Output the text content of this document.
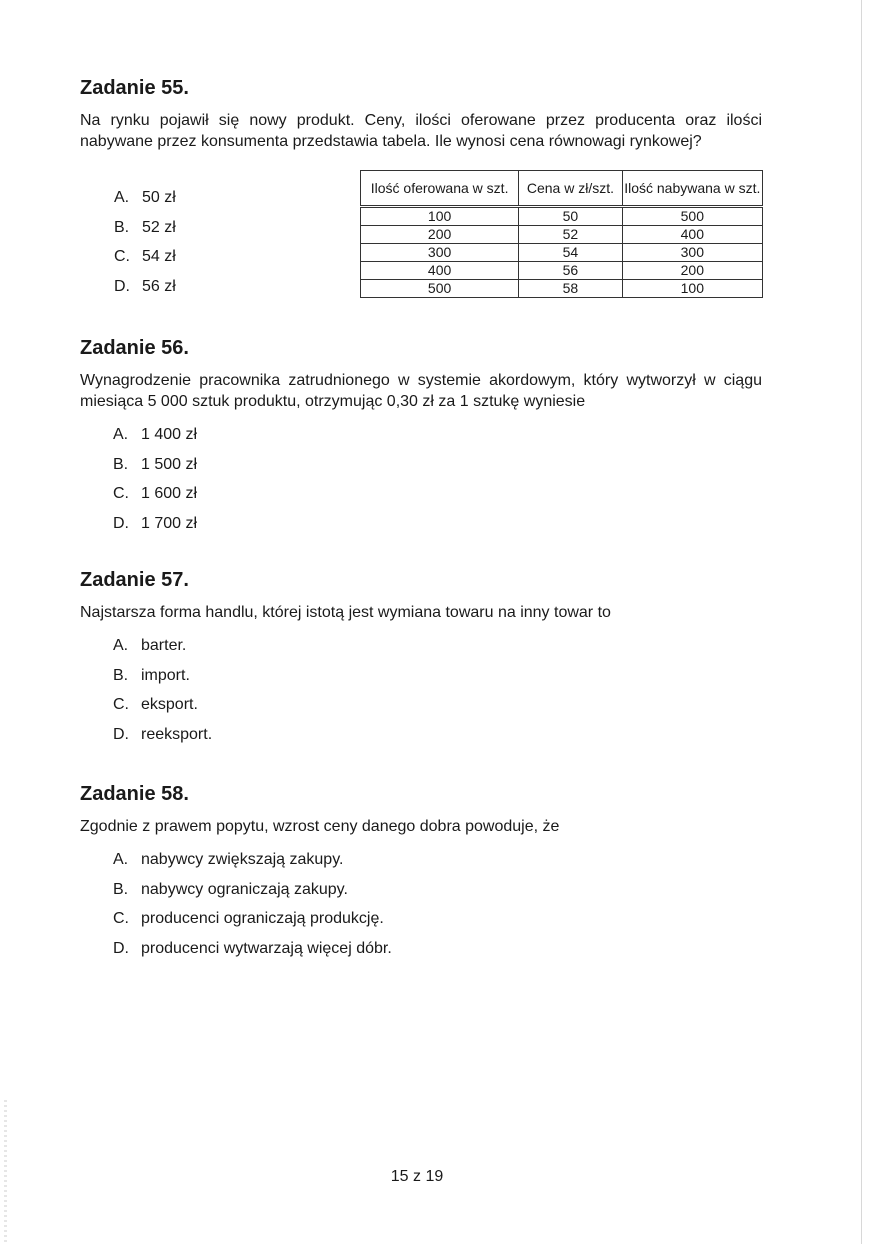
Zadanie 55.

Na rynku pojawił się nowy produkt. Ceny, ilości oferowane przez producenta oraz ilości nabywane przez konsumenta przedstawia tabela. Ile wynosi cena równowagi rynkowej?

A. 50 zł
B. 52 zł
C. 54 zł
D. 56 zł
Ilość oferowana w szt.	Cena w zł/szt.	Ilość nabywana w szt.
100	50	500
200	52	400
300	54	300
400	56	200
500	58	100
Zadanie 56.

Wynagrodzenie pracownika zatrudnionego w systemie akordowym, który wytworzył w ciągu miesiąca 5 000 sztuk produktu, otrzymując 0,30 zł za 1 sztukę wyniesie

A. 1 400 zł
B. 1 500 zł
C. 1 600 zł
D. 1 700 zł
Zadanie 57.

Najstarsza forma handlu, której istotą jest wymiana towaru na inny towar to

A. barter.
B. import.
C. eksport.
D. reeksport.
Zadanie 58.

Zgodnie z prawem popytu, wzrost ceny danego dobra powoduje, że

A. nabywcy zwiększają zakupy.
B. nabywcy ograniczają zakupy.
C. producenci ograniczają produkcję.
D. producenci wytwarzają więcej dóbr.
15 z 19
